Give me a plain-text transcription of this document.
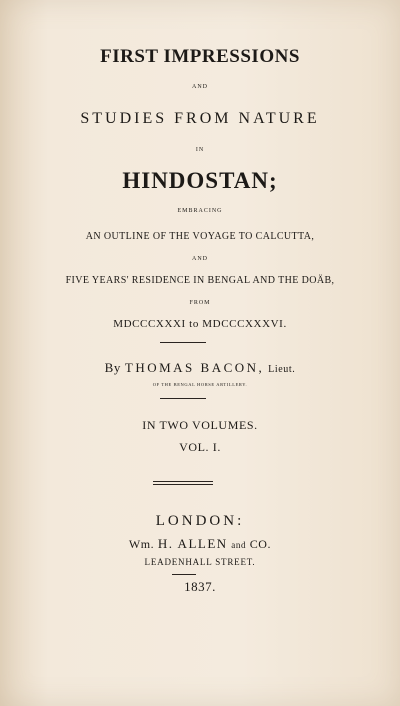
FIRST IMPRESSIONS
AND
STUDIES FROM NATURE
IN
HINDOSTAN;
EMBRACING
AN OUTLINE OF THE VOYAGE TO CALCUTTA,
AND
FIVE YEARS' RESIDENCE IN BENGAL AND THE DOÄB,
FROM
MDCCCXXXI to MDCCCXXXVI.
By THOMAS BACON, Lieut.
OF THE BENGAL HORSE ARTILLERY.
IN TWO VOLUMES.
VOL. I.
LONDON:
Wm. H. ALLEN and CO.
LEADENHALL STREET.
1837.
